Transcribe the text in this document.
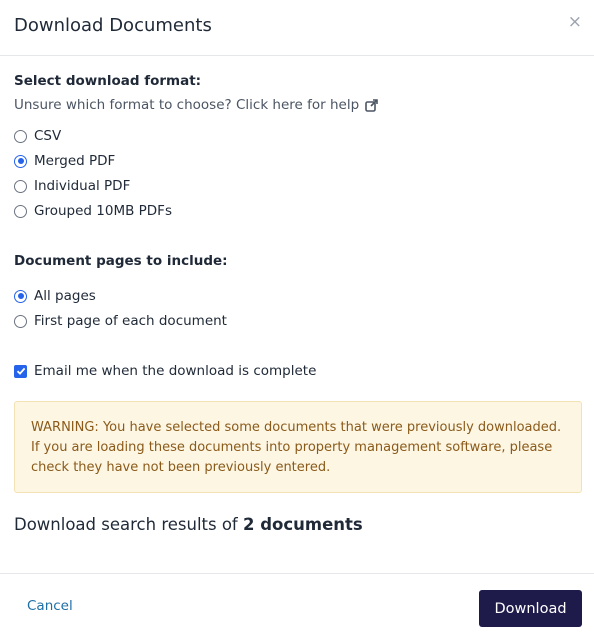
Download Documents	×
Select download format:
Unsure which format to choose? Click here for help
CSV
Merged PDF
Individual PDF
Grouped 10MB PDFs
Document pages to include:
All pages
First page of each document
Email me when the download is complete
WARNING: You have selected some documents that were previously downloaded.
If you are loading these documents into property management software, please
check they have not been previously entered.
Download search results of 2 documents
Cancel	Download
